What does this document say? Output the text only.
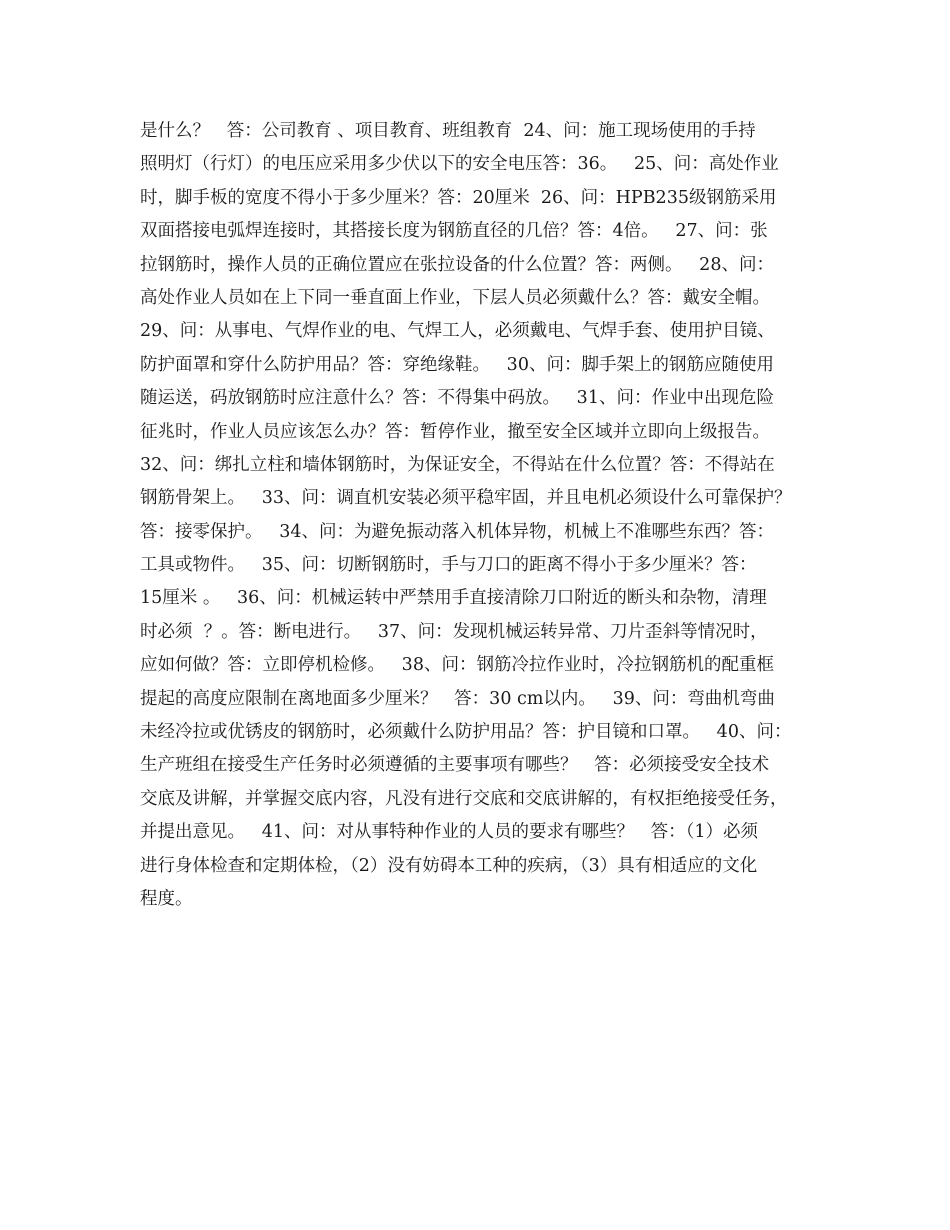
是什么？   答：公司教育 、项目教育、班组教育  24、问：施工现场使用的手持
照明灯（行灯）的电压应采用多少伏以下的安全电压答：36。   25、问：高处作业
时，脚手板的宽度不得小于多少厘米？答：20厘米  26、问：HPB235级钢筋采用
双面搭接电弧焊连接时，其搭接长度为钢筋直径的几倍？答：4倍。   27、问：张
拉钢筋时，操作人员的正确位置应在张拉设备的什么位置？答：两侧。   28、问：
高处作业人员如在上下同一垂直面上作业，下层人员必须戴什么？答：戴安全帽。
29、问：从事电、气焊作业的电、气焊工人，必须戴电、气焊手套、使用护目镜、
防护面罩和穿什么防护用品？答：穿绝缘鞋。   30、问：脚手架上的钢筋应随使用
随运送，码放钢筋时应注意什么？答：不得集中码放。   31、问：作业中出现危险
征兆时，作业人员应该怎么办？答：暂停作业，撤至安全区域并立即向上级报告。
32、问：绑扎立柱和墙体钢筋时，为保证安全，不得站在什么位置？答：不得站在
钢筋骨架上。   33、问：调直机安装必须平稳牢固，并且电机必须设什么可靠保护？
答：接零保护。   34、问：为避免振动落入机体异物，机械上不准哪些东西？答：
工具或物件。   35、问：切断钢筋时，手与刀口的距离不得小于多少厘米？答：
15厘米 。   36、问：机械运转中严禁用手直接清除刀口附近的断头和杂物，清理
时必须  ？。答：断电进行。   37、问：发现机械运转异常、刀片歪斜等情况时，
应如何做？答：立即停机检修。   38、问：钢筋冷拉作业时，冷拉钢筋机的配重框
提起的高度应限制在离地面多少厘米？   答：30 cm以内。   39、问：弯曲机弯曲
未经冷拉或优锈皮的钢筋时，必须戴什么防护用品？答：护目镜和口罩。   40、问：
生产班组在接受生产任务时必须遵循的主要事项有哪些？   答：必须接受安全技术
交底及讲解，并掌握交底内容，凡没有进行交底和交底讲解的，有权拒绝接受任务，
并提出意见。   41、问：对从事特种作业的人员的要求有哪些？   答：（1）必须
进行身体检查和定期体检，（2）没有妨碍本工种的疾病，（3）具有相适应的文化
程度。
